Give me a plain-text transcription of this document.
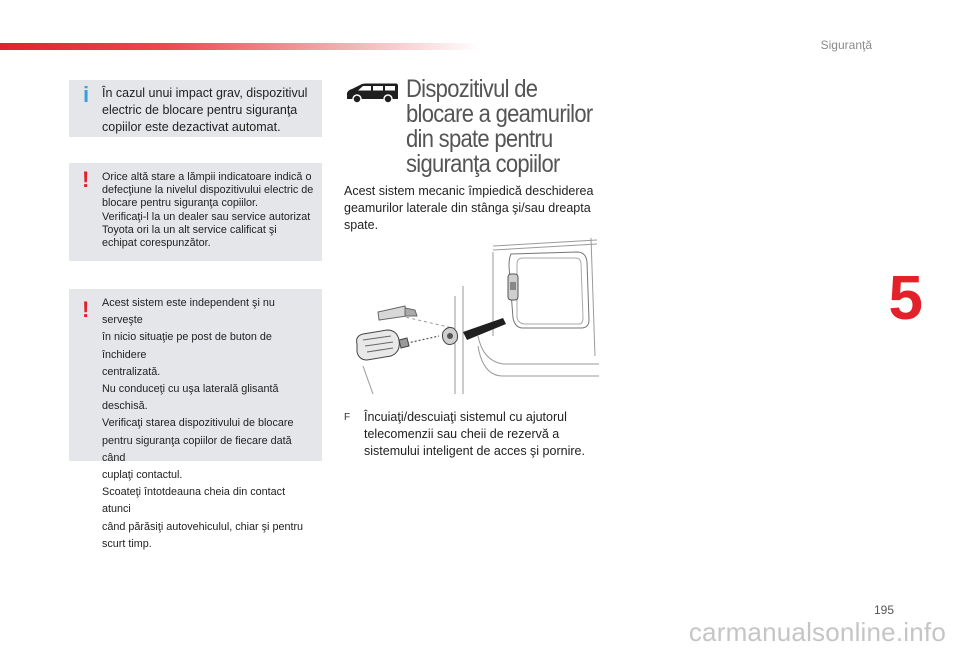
Siguranţă
5
i În cazul unui impact grav, dispozitivul
electric de blocare pentru siguranţa
copiilor este dezactivat automat.
! Orice altă stare a lămpii indicatoare indică o
defecţiune la nivelul dispozitivului electric de
blocare pentru siguranţa copiilor.
Verificaţi-l la un dealer sau service autorizat
Toyota ori la un alt service calificat şi
echipat corespunzător.
! Acest sistem este independent şi nu serveşte
în nicio situaţie pe post de buton de închidere
centralizată.
Nu conduceţi cu uşa laterală glisantă deschisă.
Verificaţi starea dispozitivului de blocare
pentru siguranţa copiilor de fiecare dată când
cuplaţi contactul.
Scoateţi întotdeauna cheia din contact atunci
când părăsiţi autovehiculul, chiar şi pentru
scurt timp.
Dispozitivul de
blocare a geamurilor
din spate pentru
siguranţa copiilor
Acest sistem mecanic împiedică deschiderea
geamurilor laterale din stânga şi/sau dreapta
spate.
F Încuiaţi/descuiaţi sistemul cu ajutorul
telecomenzii sau cheii de rezervă a
sistemului inteligent de acces şi pornire.
195
carmanualsonline.info
